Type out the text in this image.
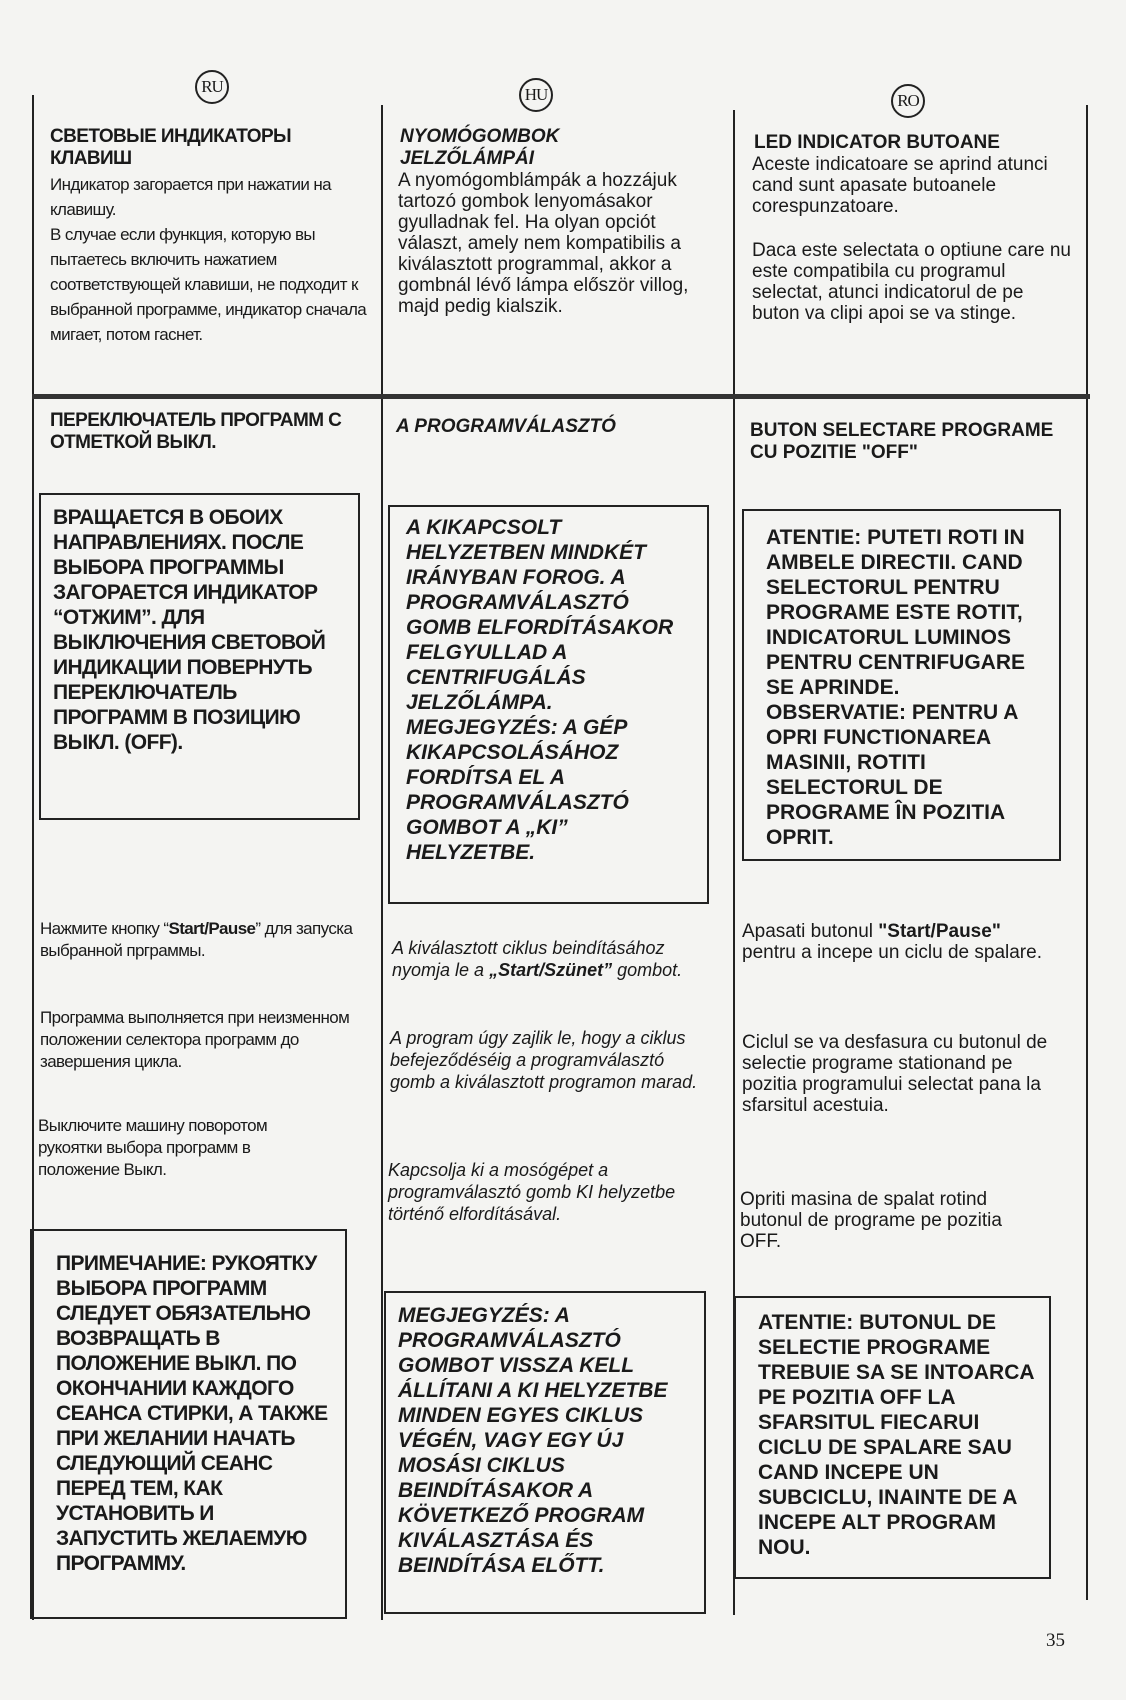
RU
СВЕТОВЫЕ ИНДИКАТОРЫ КЛАВИШ
Индикатор загорается при нажатии на клавишу.
В случае если функция, которую вы пытаетесь включить нажатием соответствующей клавиши, не подходит к выбранной программе, индикатор сначала мигает, потом гаснет.
ПЕРЕКЛЮЧАТЕЛЬ ПРОГРАММ С ОТМЕТКОЙ ВЫКЛ.
ВРАЩАЕТСЯ В ОБОИХ НАПРАВЛЕНИЯХ. ПОСЛЕ ВЫБОРА ПРОГРАММЫ ЗАГОРАЕТСЯ ИНДИКАТОР “ОТЖИМ”. ДЛЯ ВЫКЛЮЧЕНИЯ СВЕТОВОЙ ИНДИКАЦИИ ПОВЕРНУТЬ ПЕРЕКЛЮЧАТЕЛЬ ПРОГРАММ В ПОЗИЦИЮ ВЫКЛ. (OFF).
Нажмите кнопку “Start/Pause” для запуска выбранной прграммы.
Программа выполняется при неизменном положении селектора программ до завершения цикла.
Выключите машину поворотом рукоятки выбора программ в положение Выкл.
ПРИМЕЧАНИЕ: РУКОЯТКУ ВЫБОРА ПРОГРАММ СЛЕДУЕТ ОБЯЗАТЕЛЬНО ВОЗВРАЩАТЬ В ПОЛОЖЕНИЕ ВЫКЛ. ПО ОКОНЧАНИИ КАЖДОГО СЕАНСА СТИРКИ, А ТАКЖЕ ПРИ ЖЕЛАНИИ НАЧАТЬ СЛЕДУЮЩИЙ СЕАНС ПЕРЕД ТЕМ, КАК УСТАНОВИТЬ И ЗАПУСТИТЬ ЖЕЛАЕМУЮ ПРОГРАММУ.
HU
NYOMÓGOMBOK JELZŐLÁMPÁI
A nyomógomblámpák a hozzájuk tartozó gombok lenyomásakor gyulladnak fel. Ha olyan opciót választ, amely nem kompatibilis a kiválasztott programmal, akkor a gombnál lévő lámpa először villog, majd pedig kialszik.
A PROGRAMVÁLASZTÓ
A KIKAPCSOLT HELYZETBEN MINDKÉT IRÁNYBAN FOROG. A PROGRAMVÁLASZTÓ GOMB ELFORDÍTÁSAKOR FELGYULLAD A CENTRIFUGÁLÁS JELZŐLÁMPA. MEGJEGYZÉS: A GÉP KIKAPCSOLÁSÁHOZ FORDÍTSA EL A PROGRAMVÁLASZTÓ GOMBOT A „KI” HELYZETBE.
A kiválasztott ciklus beindításához nyomja le a „Start/Szünet” gombot.
A program úgy zajlik le, hogy a ciklus befejeződéséig a programválasztó gomb a kiválasztott programon marad.
Kapcsolja ki a mosógépet a programválasztó gomb KI helyzetbe történő elfordításával.
MEGJEGYZÉS: A PROGRAMVÁLASZTÓ GOMBOT VISSZA KELL ÁLLÍTANI A KI HELYZETBE MINDEN EGYES CIKLUS VÉGÉN, VAGY EGY ÚJ MOSÁSI CIKLUS BEINDÍTÁSAKOR A KÖVETKEZŐ PROGRAM KIVÁLASZTÁSA ÉS BEINDÍTÁSA ELŐTT.
RO
LED INDICATOR BUTOANE
Aceste indicatoare se aprind atunci cand sunt apasate butoanele corespunzatoare.
Daca este selectata o optiune care nu este compatibila cu programul selectat, atunci indicatorul de pe buton va clipi apoi se va stinge.
BUTON SELECTARE PROGRAME CU POZITIE "OFF"
ATENTIE: PUTETI ROTI IN AMBELE DIRECTII. CAND SELECTORUL PENTRU PROGRAME ESTE ROTIT, INDICATORUL LUMINOS PENTRU CENTRIFUGARE SE APRINDE. OBSERVATIE: PENTRU A OPRI FUNCTIONAREA MASINII, ROTITI SELECTORUL DE PROGRAME ÎN POZITIA OPRIT.
Apasati butonul "Start/Pause" pentru a incepe un ciclu de spalare.
Ciclul se va desfasura cu butonul de selectie programe stationand pe pozitia programului selectat pana la sfarsitul acestuia.
Opriti masina de spalat rotind butonul de programe pe pozitia OFF.
ATENTIE: BUTONUL DE SELECTIE PROGRAME TREBUIE SA SE INTOARCA PE POZITIA OFF LA SFARSITUL FIECARUI CICLU DE SPALARE SAU CAND INCEPE UN SUBCICLU, INAINTE DE A INCEPE ALT PROGRAM NOU.
35
